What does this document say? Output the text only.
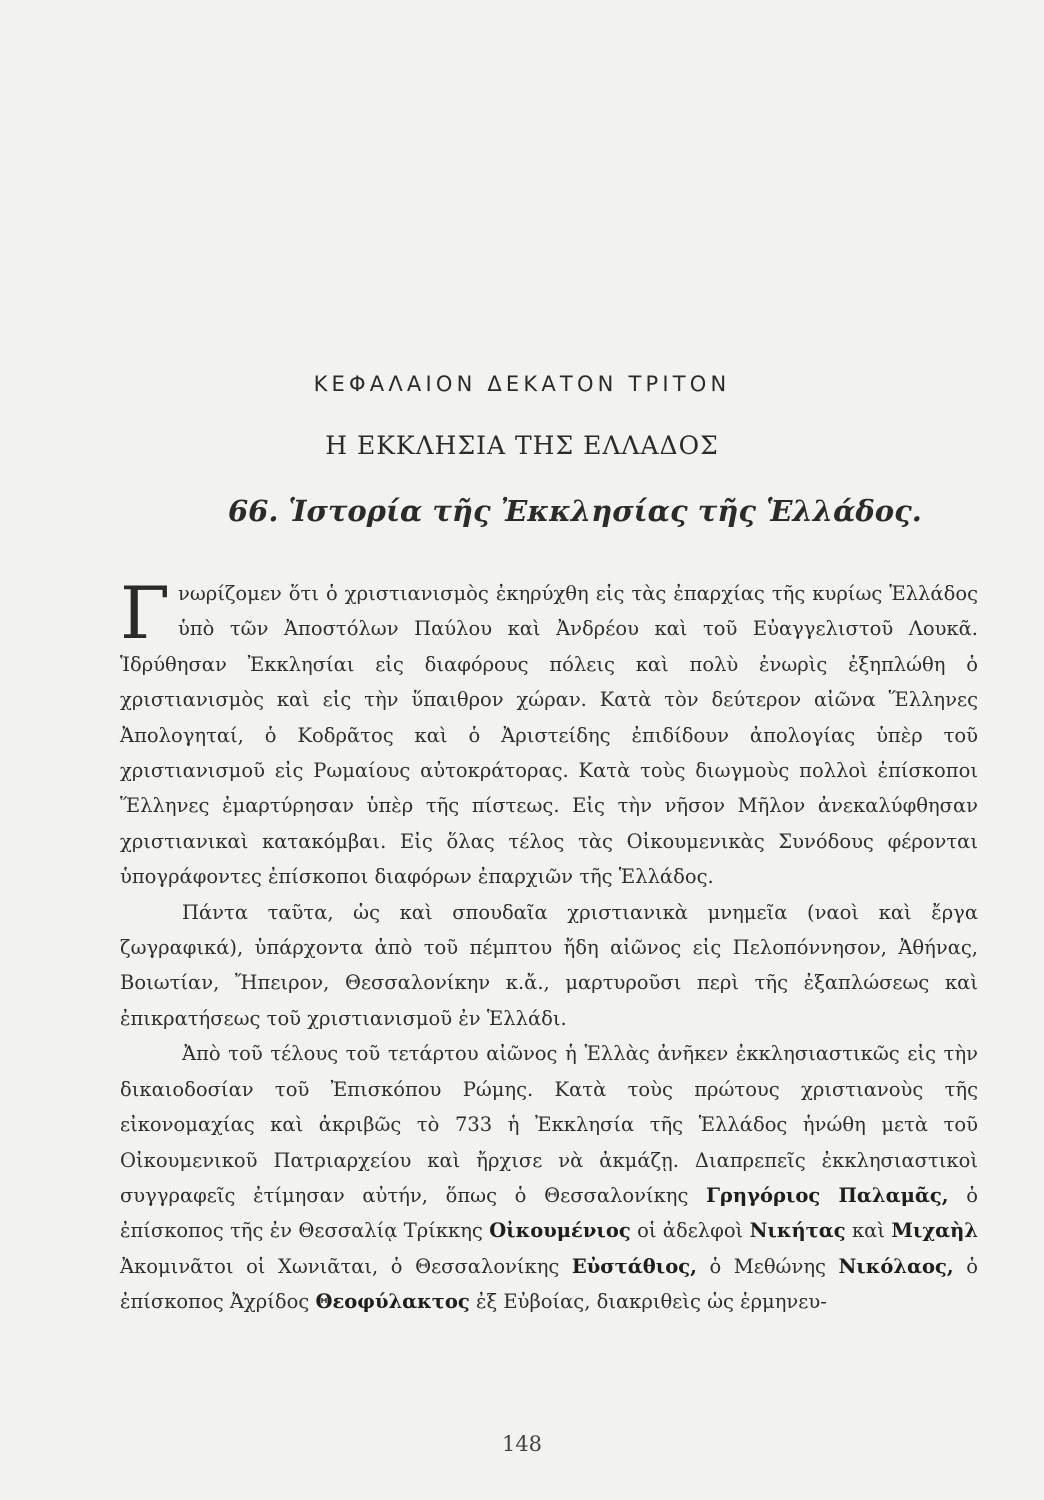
ΚΕΦΑΛΑΙΟΝ ΔΕΚΑΤΟΝ ΤΡΙΤΟΝ
Η ΕΚΚΛΗΣΙΑ ΤΗΣ ΕΛΛΑΔΟΣ
66. Ἱστορία τῆς Ἐκκλησίας τῆς Ἑλλάδος.

Γνωρίζομεν ὅτι ὁ χριστιανισμὸς ἐκηρύχθη εἰς τὰς ἐπαρχίας τῆς κυρίως Ἑλλάδος ὑπὸ τῶν Ἀποστόλων Παύλου καὶ Ἀνδρέου καὶ τοῦ Εὐαγγελιστοῦ Λουκᾶ. Ἱδρύθησαν Ἐκκλησίαι εἰς διαφόρους πόλεις καὶ πολὺ ἐνωρὶς ἐξηπλώθη ὁ χριστιανισμὸς καὶ εἰς τὴν ὕπαιθρον χώραν. Κατὰ τὸν δεύτερον αἰῶνα Ἕλληνες Ἀπολογηταί, ὁ Κοδρᾶτος καὶ ὁ Ἀριστείδης ἐπιδίδουν ἀπολογίας ὑπὲρ τοῦ χριστιανισμοῦ εἰς Ρωμαίους αὐτοκράτορας. Κατὰ τοὺς διωγμοὺς πολλοὶ ἐπίσκοποι Ἕλληνες ἐμαρτύρησαν ὑπὲρ τῆς πίστεως. Εἰς τὴν νῆσον Μῆλον ἀνεκαλύφθησαν χριστιανικαὶ κατακόμβαι. Εἰς ὅλας τέλος τὰς Οἰκουμενικὰς Συνόδους φέρονται ὑπογράφοντες ἐπίσκοποι διαφόρων ἐπαρχιῶν τῆς Ἑλλάδος.

Πάντα ταῦτα, ὡς καὶ σπουδαῖα χριστιανικὰ μνημεῖα (ναοὶ καὶ ἔργα ζωγραφικά), ὑπάρχοντα ἀπὸ τοῦ πέμπτου ἤδη αἰῶνος εἰς Πελοπόννησον, Ἀθήνας, Βοιωτίαν, Ἤπειρον, Θεσσαλονίκην κ.ἄ., μαρτυροῦσι περὶ τῆς ἐξαπλώσεως καὶ ἐπικρατήσεως τοῦ χριστιανισμοῦ ἐν Ἑλλάδι.

Ἀπὸ τοῦ τέλους τοῦ τετάρτου αἰῶνος ἡ Ἑλλὰς ἀνῆκεν ἐκκλησιαστικῶς εἰς τὴν δικαιοδοσίαν τοῦ Ἐπισκόπου Ρώμης. Κατὰ τοὺς πρώτους χριστιανοὺς τῆς εἰκονομαχίας καὶ ἀκριβῶς τὸ 733 ἡ Ἐκκλησία τῆς Ἑλλάδος ἡνώθη μετὰ τοῦ Οἰκουμενικοῦ Πατριαρχείου καὶ ἤρχισε νὰ ἀκμάζῃ. Διαπρεπεῖς ἐκκλησιαστικοὶ συγγραφεῖς ἐτίμησαν αὐτήν, ὅπως ὁ Θεσσαλονίκης Γρηγόριος Παλαμᾶς, ὁ ἐπίσκοπος τῆς ἐν Θεσσαλίᾳ Τρίκκης Οἰκουμένιος οἱ ἀδελφοὶ Νικήτας καὶ Μιχαὴλ Ἀκομινᾶτοι οἱ Χωνιᾶται, ὁ Θεσσαλονίκης Εὐστάθιος, ὁ Μεθώνης Νικόλαος, ὁ ἐπίσκοπος Ἀχρίδος Θεοφύλακτος ἐξ Εὐβοίας, διακριθεὶς ὡς ἑρμηνευ-

148
